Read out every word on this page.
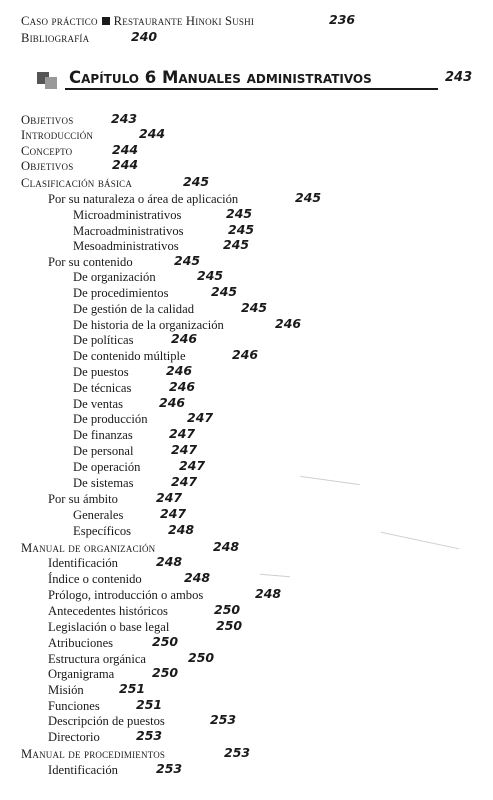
Caso práctico Restaurante Hinoki Sushi	236
Bibliografía	240
Capítulo 6 Manuales administrativos	243
Objetivos	243
Introducción	244
Concepto	244
Objetivos	244
Clasificación básica	245
Por su naturaleza o área de aplicación	245
Microadministrativos	245
Macroadministrativos	245
Mesoadministrativos	245
Por su contenido	245
De organización	245
De procedimientos	245
De gestión de la calidad	245
De historia de la organización	246
De políticas	246
De contenido múltiple	246
De puestos	246
De técnicas	246
De ventas	246
De producción	247
De finanzas	247
De personal	247
De operación	247
De sistemas	247
Por su ámbito	247
Generales	247
Específicos	248
Manual de organización	248
Identificación	248
Índice o contenido	248
Prólogo, introducción o ambos	248
Antecedentes históricos	250
Legislación o base legal	250
Atribuciones	250
Estructura orgánica	250
Organigrama	250
Misión	251
Funciones	251
Descripción de puestos	253
Directorio	253
Manual de procedimientos	253
Identificación	253
